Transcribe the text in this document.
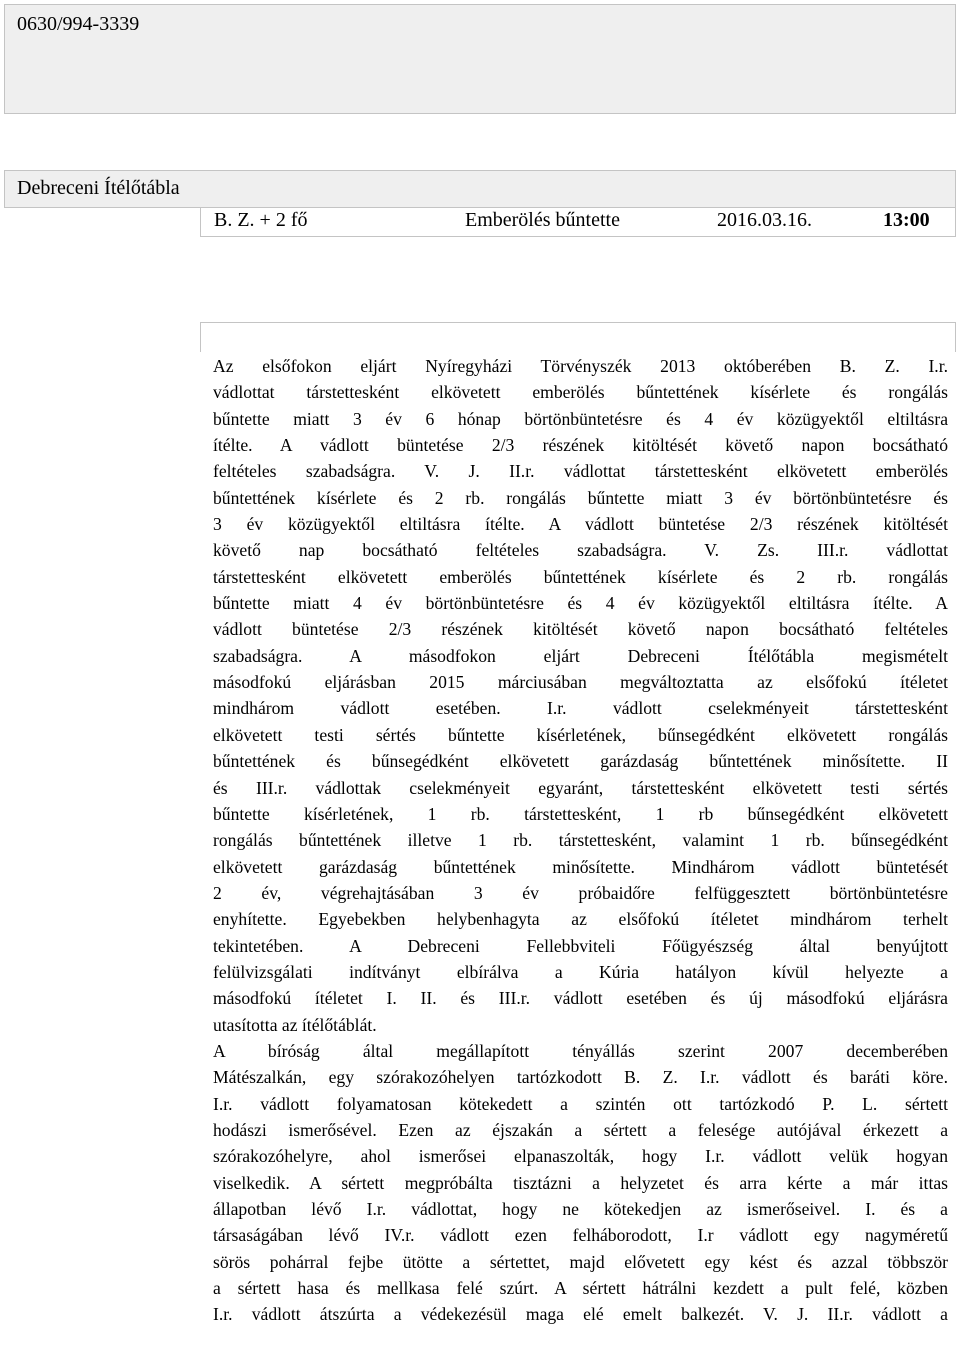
0630/994-3339
Debreceni Ítélőtábla
B. Z. + 2 fő	Emberölés bűntette	2016.03.16.	13:00
Az elsőfokon eljárt Nyíregyházi Törvényszék 2013 októberében B. Z. I.r.
vádlottat társtettesként elkövetett emberölés bűntettének kísérlete és rongálás
bűntette miatt 3 év 6 hónap börtönbüntetésre és 4 év közügyektől eltiltásra
ítélte. A vádlott büntetése 2/3 részének kitöltését követő napon bocsátható
feltételes szabadságra. V. J. II.r. vádlottat társtettesként elkövetett emberölés
bűntettének kísérlete és 2 rb. rongálás bűntette miatt 3 év börtönbüntetésre és
3 év közügyektől eltiltásra ítélte. A vádlott büntetése 2/3 részének kitöltését
követő nap bocsátható feltételes szabadságra. V. Zs. III.r. vádlottat
társtettesként elkövetett emberölés bűntettének kísérlete és 2 rb. rongálás
bűntette miatt 4 év börtönbüntetésre és 4 év közügyektől eltiltásra ítélte. A
vádlott büntetése 2/3 részének kitöltését követő napon bocsátható feltételes
szabadságra. A másodfokon eljárt Debreceni Ítélőtábla megismételt
másodfokú eljárásban 2015 márciusában megváltoztatta az elsőfokú ítéletet
mindhárom vádlott esetében. I.r. vádlott cselekményeit társtettesként
elkövetett testi sértés bűntette kísérletének, bűnsegédként elkövetett rongálás
bűntettének és bűnsegédként elkövetett garázdaság bűntettének minősítette. II
és III.r. vádlottak cselekményeit egyaránt, társtettesként elkövetett testi sértés
bűntette kísérletének, 1 rb. társtettesként, 1 rb bűnsegédként elkövetett
rongálás bűntettének illetve 1 rb. társtettesként, valamint 1 rb. bűnsegédként
elkövetett garázdaság bűntettének minősítette. Mindhárom vádlott büntetését
2 év, végrehajtásában 3 év próbaidőre felfüggesztett börtönbüntetésre
enyhítette. Egyebekben helybenhagyta az elsőfokú ítéletet mindhárom terhelt
tekintetében. A Debreceni Fellebbviteli Főügyészség által benyújtott
felülvizsgálati indítványt elbírálva a Kúria hatályon kívül helyezte a
másodfokú ítéletet I. II. és III.r. vádlott esetében és új másodfokú eljárásra
utasította az ítélőtáblát.
A bíróság által megállapított tényállás szerint 2007 decemberében
Mátészalkán, egy szórakozóhelyen tartózkodott B. Z. I.r. vádlott és baráti köre.
I.r. vádlott folyamatosan kötekedett a szintén ott tartózkodó P. L. sértett
hodászi ismerősével. Ezen az éjszakán a sértett a felesége autójával érkezett a
szórakozóhelyre, ahol ismerősei elpanaszolták, hogy I.r. vádlott velük hogyan
viselkedik. A sértett megpróbálta tisztázni a helyzetet és arra kérte a már ittas
állapotban lévő I.r. vádlottat, hogy ne kötekedjen az ismerőseivel. I. és a
társaságában lévő IV.r. vádlott ezen felháborodott, I.r vádlott egy nagyméretű
sörös pohárral fejbe ütötte a sértettet, majd elővetett egy kést és azzal többször
a sértett hasa és mellkasa felé szúrt. A sértett hátrálni kezdett a pult felé, közben
I.r. vádlott átszúrta a védekezésül maga elé emelt balkezét. V. J. II.r. vádlott a
